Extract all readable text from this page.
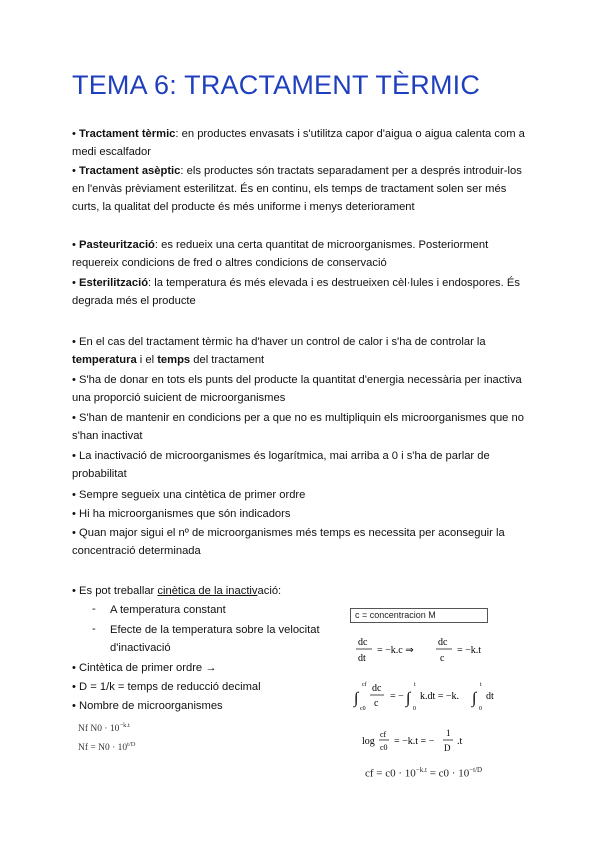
TEMA 6: TRACTAMENT TÈRMIC
• Tractament tèrmic: en productes envasats i s'utilitza capor d'aigua o aigua calenta com a medi escalfador
• Tractament asèptic: els productes són tractats separadament per a després introduir-los en l'envàs prèviament esterilitzat. És en continu, els temps de tractament solen ser més curts, la qualitat del producte és més uniforme i menys deteriorament
• Pasteurització: es redueix una certa quantitat de microorganismes. Posteriorment requereix condicions de fred o altres condicions de conservació
• Esterilització: la temperatura és més elevada i es destrueixen cèl·lules i endospores. És degrada més el producte
• En el cas del tractament tèrmic ha d'haver un control de calor i s'ha de controlar la temperatura i el temps del tractament
• S'ha de donar en tots els punts del producte la quantitat d'energia necessària per inactiva una proporció suicient de microorganismes
• S'han de mantenir en condicions per a que no es multipliquin els microorganismes que no s'han inactivat
• La inactivació de microorganismes és logarítmica, mai arriba a 0 i s'ha de parlar de probabilitat
• Sempre segueix una cintètica de primer ordre
• Hi ha microorganismes que són indicadors
• Quan major sigui el nº de microorganismes més temps es necessita per aconseguir la concentració determinada
• Es pot treballar cinètica de la inactivació:
- A temperatura constant
- Efecte de la temperatura sobre la velocitat d'inactivació
• Cintètica de primer ordre →
• D = 1/k = temps de reducció decimal
• Nombre de microorganismes
Nf $N0 \cdot 10^{-k.t}$
$Nf = N0 \cdot 10^{t/D}$
c = concentracion M
dc
dt
= −k.c ⇒
dc
c
= −k.t
∫
cf
c0
dc
c
= − ∫
t
0
k.dt = −k. ∫
t
0
dt
log
cf
c0
= −k.t = −
1
D
.t
cf = $c0 \cdot 10^{-k.t} = c0 \cdot 10^{-t/D}$
